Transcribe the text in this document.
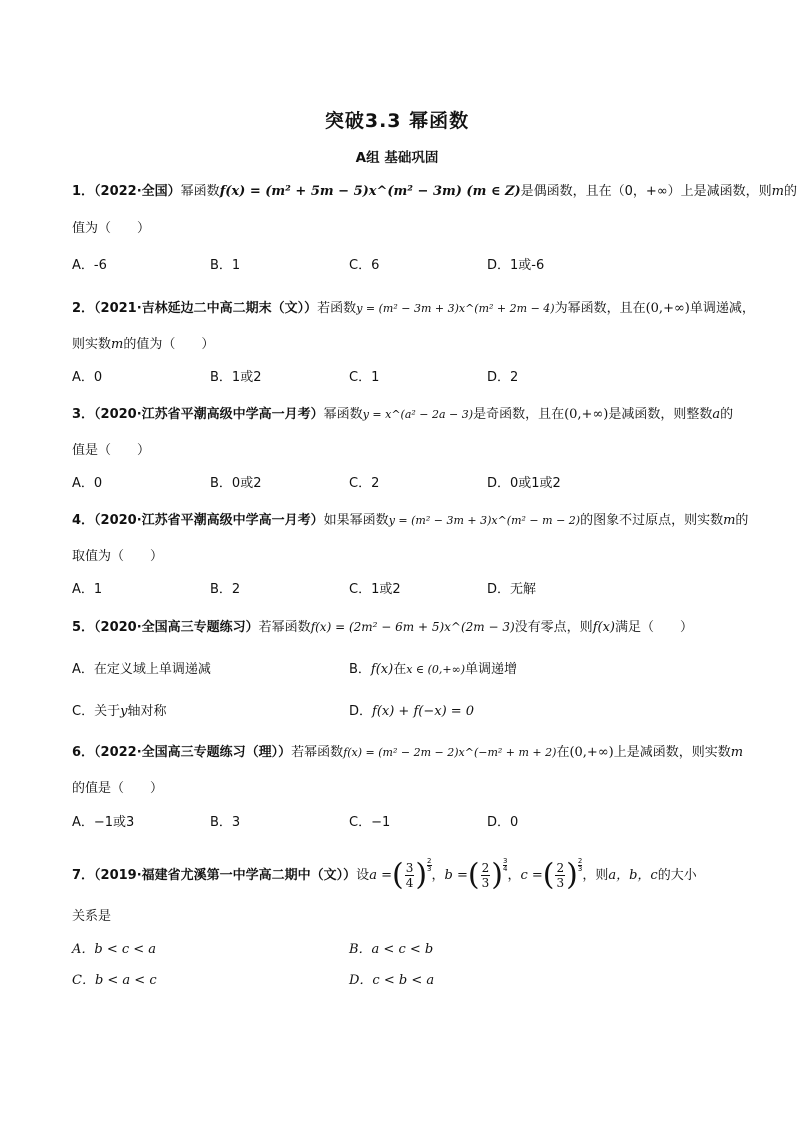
突破3.3 幂函数
A组 基础巩固
1．（2022·全国）幂函数f(x) = (m² + 5m − 5)x^(m² − 3m) (m ∈ Z)是偶函数，且在（0，+∞）上是减函数，则m的
值为（　　）
A．-6	B．1	C．6	D．1或-6
2．（2021·吉林延边二中高二期末（文））若函数y = (m² − 3m + 3)x^(m² + 2m − 4)为幂函数，且在(0,+∞)单调递减，
则实数m的值为（　　）
A．0	B．1或2	C．1	D．2
3．（2020·江苏省平潮高级中学高一月考）幂函数y = x^(a² − 2a − 3)是奇函数，且在(0,+∞)是减函数，则整数a的
值是（　　）
A．0	B．0或2	C．2	D．0或1或2
4．（2020·江苏省平潮高级中学高一月考）如果幂函数y = (m² − 3m + 3)x^(m² − m − 2)的图象不过原点，则实数m的
取值为（　　）
A．1	B．2	C．1或2	D．无解
5．（2020·全国高三专题练习）若幂函数f(x) = (2m² − 6m + 5)x^(2m − 3)没有零点，则f(x)满足（　　）
A．在定义域上单调递减	B．f(x)在x ∈ (0,+∞)单调递增
C．关于y轴对称	D．f(x) + f(−x) = 0
6．（2022·全国高三专题练习（理））若幂函数f(x) = (m² − 2m − 2)x^(−m² + m + 2)在(0,+∞)上是减函数，则实数m
的值是（　　）
A．−1或3	B．3	C．−1	D．0
7．（2019·福建省尤溪第一中学高二期中（文））设a =( $\frac{3}{4}$ ) $\frac{2}{3}$
，b =( $\frac{2}{3}$ ) $\frac{3}{4}$
，c =( $\frac{2}{3}$ ) $\frac{2}{3}$
，则a，b，c的大小
关系是
A．b < c < a	B．a < c < b
C．b < a < c	D．c < b < a
